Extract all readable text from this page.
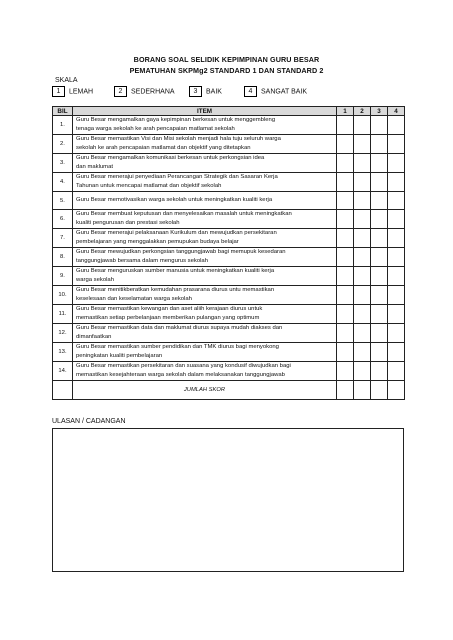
BORANG SOAL SELIDIK KEPIMPINAN GURU BESAR
PEMATUHAN SKPMg2 STANDARD 1 DAN STANDARD 2
SKALA
1 LEMAH	2 SEDERHANA	3 BAIK	4 SANGAT BAIK
BIL	ITEM	1	2	3	4
1.	Guru Besar mengamalkan gaya kepimpinan berkesan untuk menggembleng
tenaga warga sekolah ke arah pencapaian matlamat sekolah				

2.	Guru Besar memastikan Visi dan Misi sekolah menjadi hala tuju seluruh warga
sekolah ke arah pencapaian matlamat dan objektif yang ditetapkan				

3.	Guru Besar mengamalkan komunikasi berkesan untuk perkongsian idea
dan maklumat				

4.	Guru Besar menerajui penyediaan Perancangan Strategik dan Sasaran Kerja
Tahunan untuk mencapai matlamat dan objektif sekolah				

5.	Guru Besar memotivasikan warga sekolah untuk meningkatkan kualiti kerja				

6.	Guru Besar membuat keputusan dan menyelesaikan masalah untuk meningkatkan
kualiti pengurusan dan prestasi sekolah				

7.	Guru Besar menerajui pelaksanaan Kurikulum dan mewujudkan persekitaran
pembelajaran yang menggalakkan pemupukan budaya belajar				

8.	Guru Besar mewujudkan perkongsian tanggungjawab bagi memupuk kesedaran
tanggungjawab bersama dalam mengurus sekolah				

9.	Guru Besar menguruskan sumber manusia untuk meningkatkan kualiti kerja
warga sekolah				

10.	Guru Besar menitikberatkan kemudahan prasarana diurus untu memastikan
keselesaan dan keselamatan warga sekolah				

11.	Guru Besar memastikan kewangan dan aset aliih kerajaan diurus untuk
memastikan setiap perbelanjaan memberikan pulangan yang optimum				

12.	Guru Besar memastikan data dan maklumat diurus supaya mudah diakses dan
dimanfaatkan				

13.	Guru Besar memastikan sumber pendidikan dan TMK diurus bagi menyokong
peningkatan kualiti pembelajaran				

14.	Guru Besar memastikan persekitaran dan suasana yang kondusif diwujudkan bagi
memastikan kesejahteraan warga sekolah dalam melaksanakan tanggungjawab				

	JUMLAH SKOR				
ULASAN / CADANGAN
